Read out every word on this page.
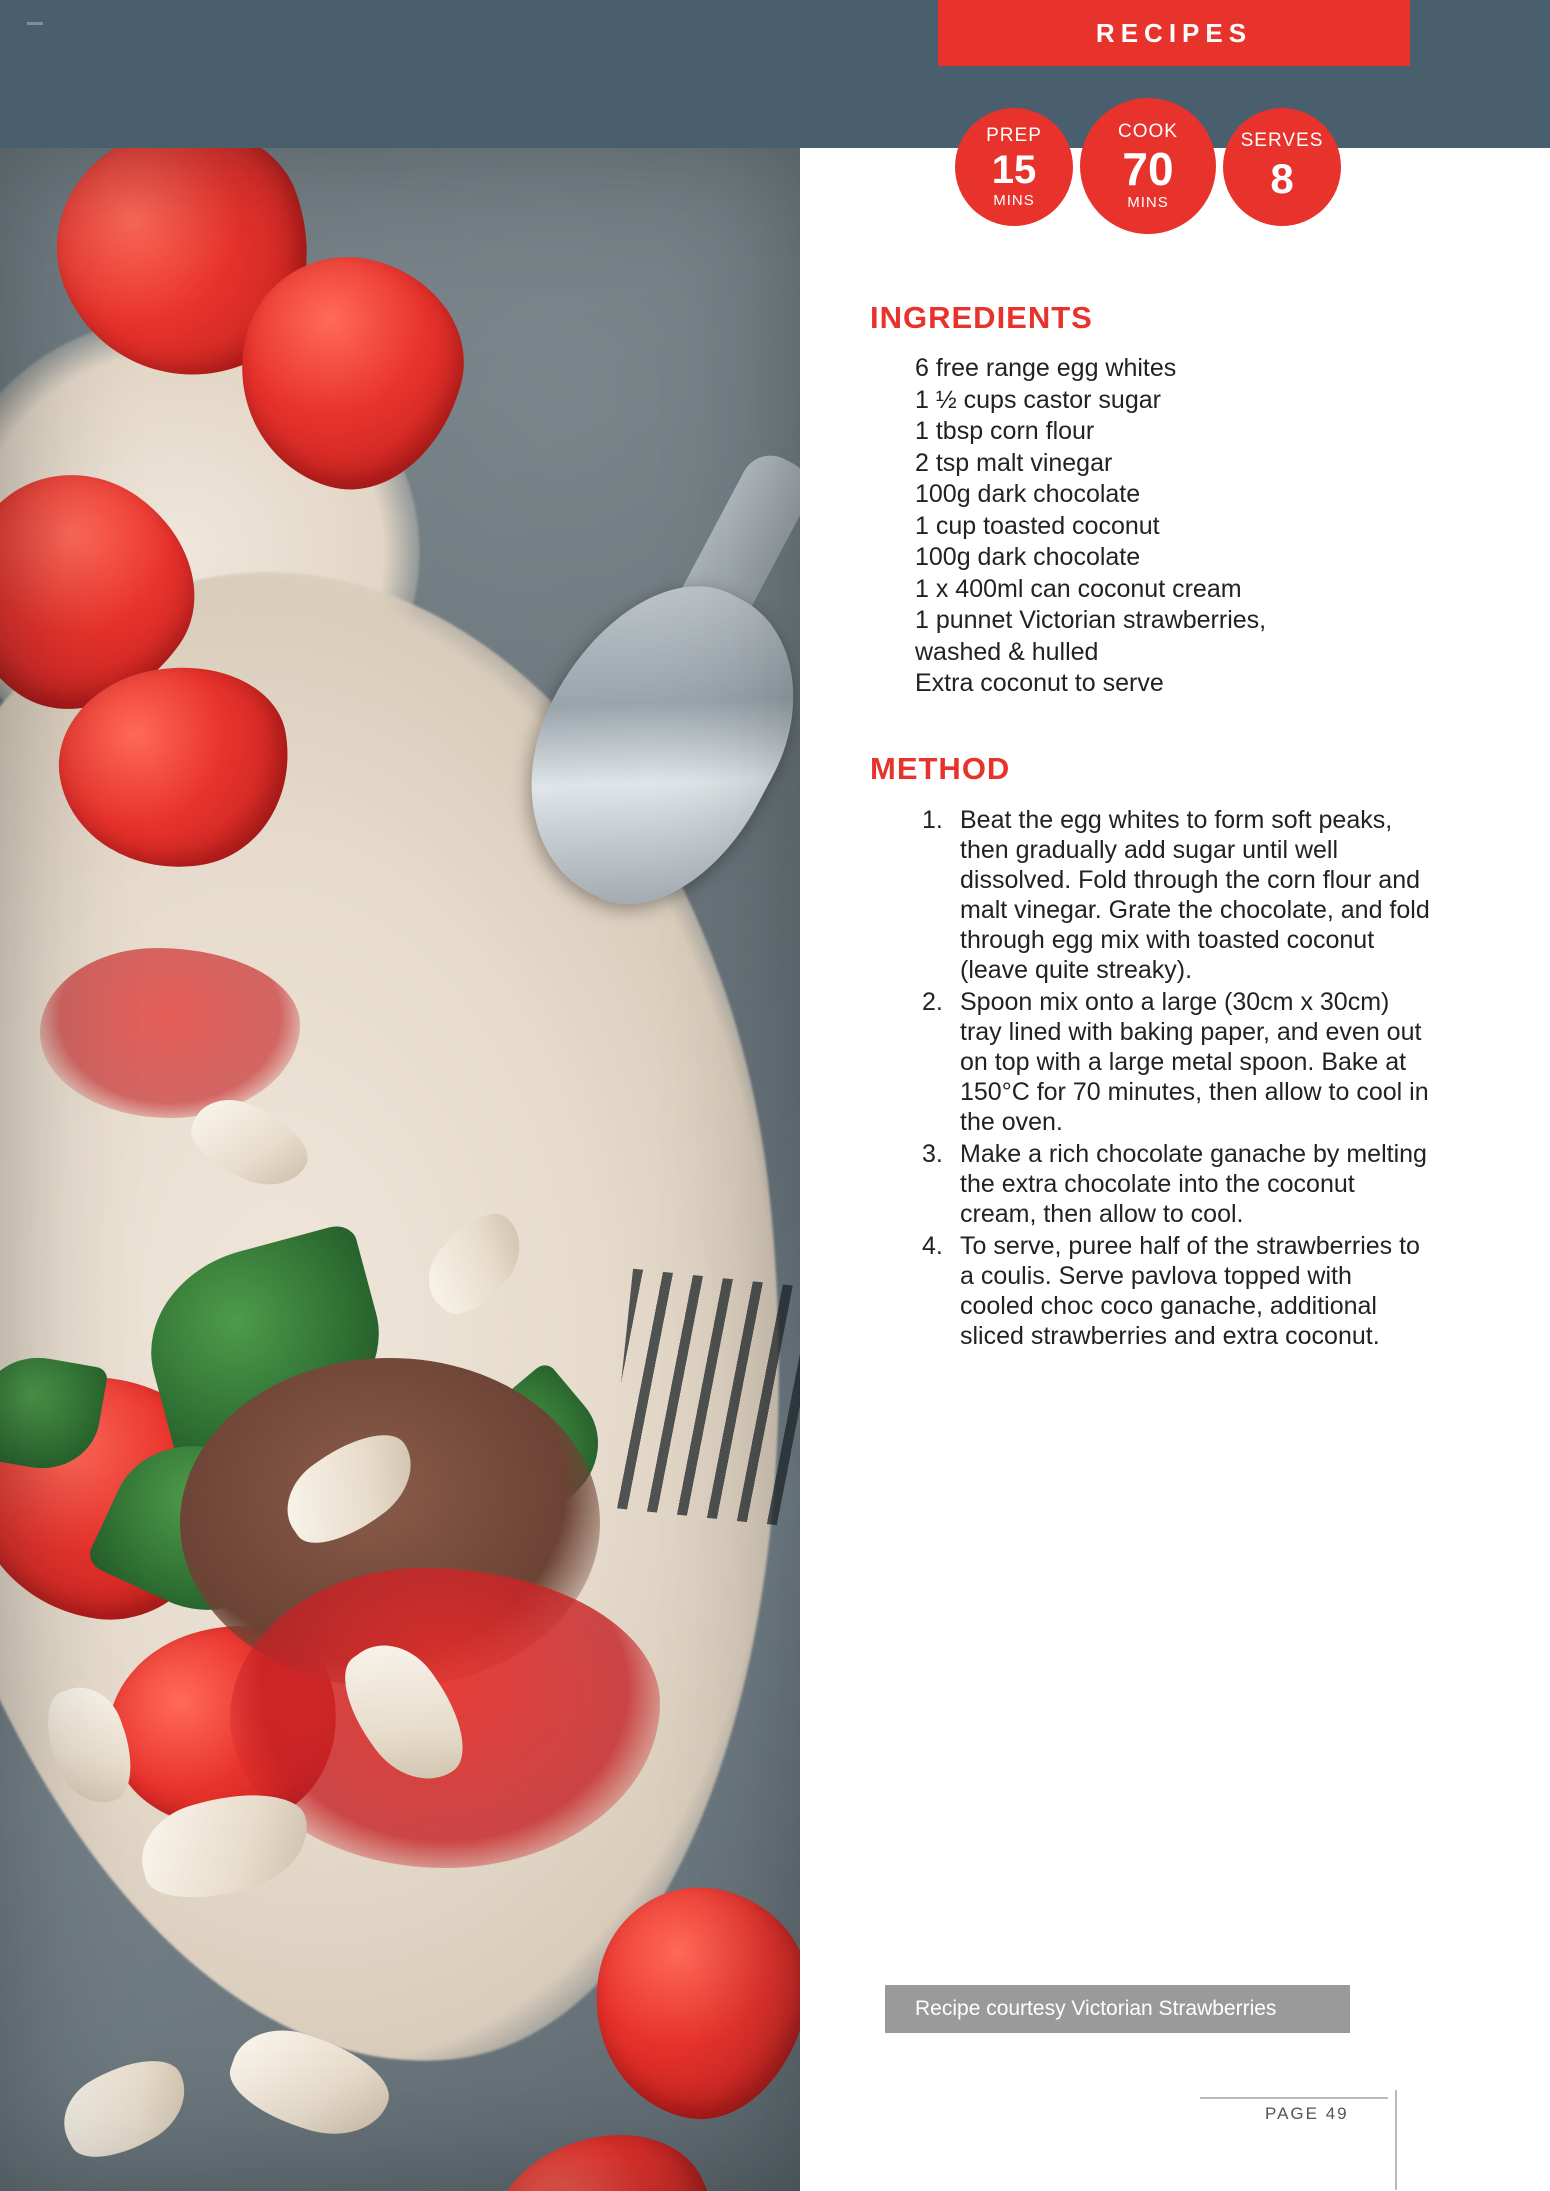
RECIPES
PREP
15
MINS
COOK
70
MINS
SERVES
8
INGREDIENTS
6 free range egg whites
1 ½ cups castor sugar
1 tbsp corn flour
2 tsp malt vinegar
100g dark chocolate
1 cup toasted coconut
100g dark chocolate
1 x 400ml can coconut cream
1 punnet Victorian strawberries,
washed & hulled
Extra coconut to serve
METHOD
Beat the egg whites to form soft peaks, then gradually add sugar until well dissolved. Fold through the corn flour and malt vinegar. Grate the chocolate, and fold through egg mix with toasted coconut (leave quite streaky).
Spoon mix onto a large (30cm x 30cm) tray lined with baking paper, and even out on top with a large metal spoon. Bake at 150°C for 70 minutes, then allow to cool in the oven.
Make a rich chocolate ganache by melting the extra chocolate into the coconut cream, then allow to cool.
To serve, puree half of the strawberries to a coulis. Serve pavlova topped with cooled choc coco ganache, additional sliced strawberries and extra coconut.
Recipe courtesy Victorian Strawberries
PAGE 49
